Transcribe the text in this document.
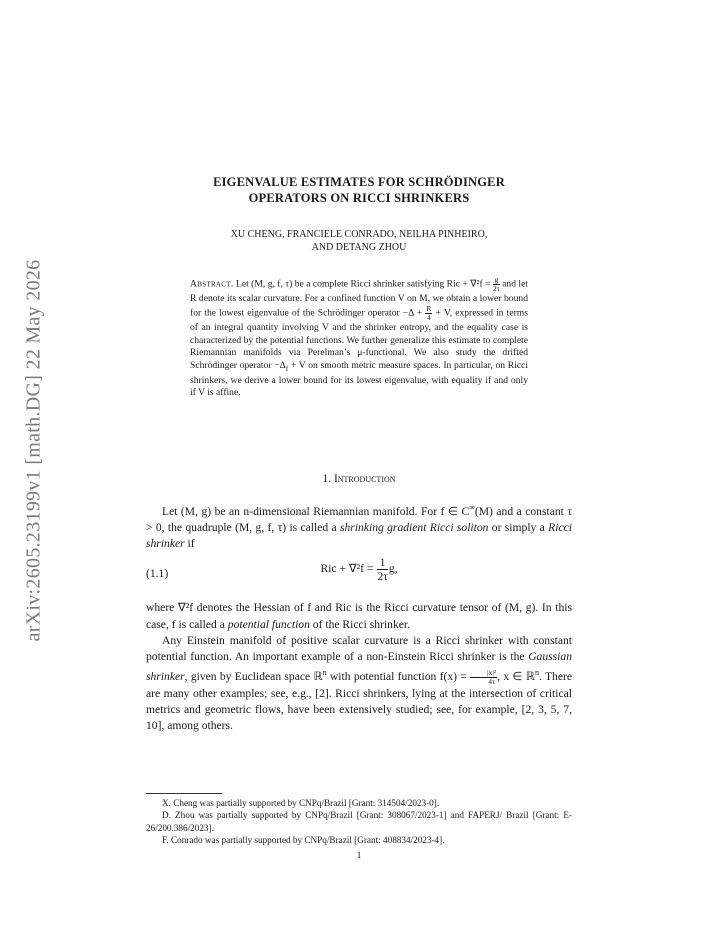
arXiv:2605.23199v1 [math.DG] 22 May 2026
EIGENVALUE ESTIMATES FOR SCHRÖDINGER
OPERATORS ON RICCI SHRINKERS
XU CHENG, FRANCIELE CONRADO, NEILHA PINHEIRO,
AND DETANG ZHOU
Abstract. Let (M, g, f, τ) be a complete Ricci shrinker satisfying Ric + $\nabla^2f = \frac{g}{2\tau}$ and let R denote its scalar curvature. For a confined function V on M, we obtain a lower bound for the lowest eigenvalue of the Schrödinger operator $-\Delta + \frac{R}{4} + V$, expressed in terms of an integral quantity involving V and the shrinker entropy, and the equality case is characterized by the potential functions. We further generalize this estimate to complete Riemannian manifolds via Perelman’s μ-functional. We also study the drifted Schrödinger operator $-\Delta_f + V$ on smooth metric measure spaces. In particular, on Ricci shrinkers, we derive a lower bound for its lowest eigenvalue, with equality if and only if V is affine.
1. Introduction

Let (M, g) be an n-dimensional Riemannian manifold. For f ∈ C∞(M) and a constant τ > 0, the quadruple (M, g, f, τ) is called a shrinking gradient Ricci soliton or simply a Ricci shrinker if

(1.1)	Ric + $\nabla^2f = \frac{1}{2\tau} g$,

where ∇²f denotes the Hessian of f and Ric is the Ricci curvature tensor of (M, g). In this case, f is called a potential function of the Ricci shrinker.

Any Einstein manifold of positive scalar curvature is a Ricci shrinker with constant potential function. An important example of a non-Einstein Ricci shrinker is the Gaussian shrinker, given by Euclidean space ℝ$^n$ with potential function $f(x) = \frac{\text{|x|²}}{4\tau}$ , x ∈ ℝ$^n$. There are many other examples; see, e.g., [2]. Ricci shrinkers, lying at the intersection of critical metrics and geometric flows, have been extensively studied; see, for example, [2, 3, 5, 7, 10], among others.

X. Cheng was partially supported by CNPq/Brazil [Grant: 314504/2023-0].

D. Zhou was partially supported by CNPq/Brazil [Grant: 308067/2023-1] and FAPERJ/ Brazil [Grant: E-26/200.386/2023].

F. Conrado was partially supported by CNPq/Brazil [Grant: 408834/2023-4].

1
